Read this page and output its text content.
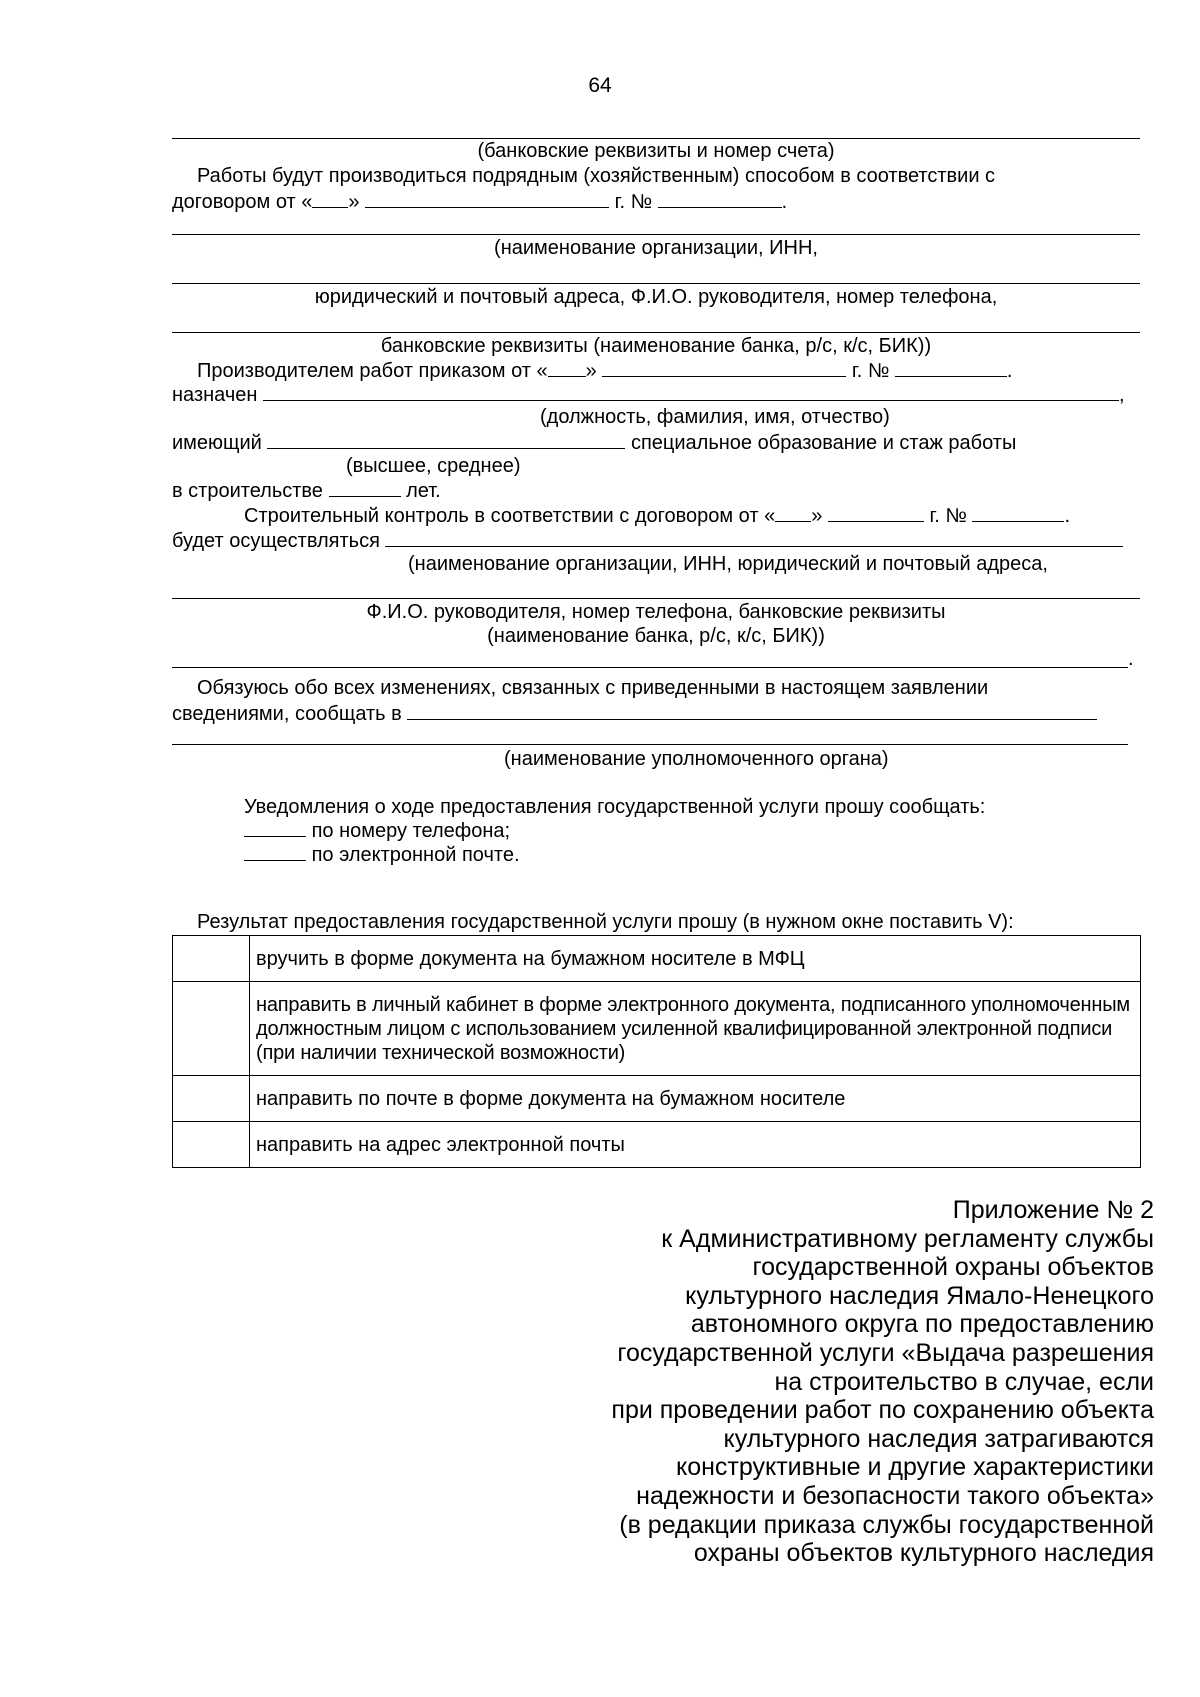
64
(банковские реквизиты и номер счета)
Работы будут производиться подрядным (хозяйственным) способом в соответствии с
договором от « »	г. №	.
(наименование организации, ИНН,
юридический и почтовый адреса, Ф.И.О. руководителя, номер телефона,
банковские реквизиты (наименование банка, р/с, к/с, БИК))
Производителем работ приказом от « »	г. №	.
назначен	,
(должность, фамилия, имя, отчество)
имеющий	специальное образование и стаж работы
(высшее, среднее)
в строительстве	лет.
Строительный контроль в соответствии с договором от « »	г. №	.
будет осуществляться
(наименование организации, ИНН, юридический и почтовый адреса,
Ф.И.О. руководителя, номер телефона, банковские реквизиты
(наименование банка, р/с, к/с, БИК))
.
Обязуюсь обо всех изменениях, связанных с приведенными в настоящем заявлении
сведениями, сообщать в
(наименование уполномоченного органа)
Уведомления о ходе предоставления государственной услуги прошу сообщать:
по номеру телефона;
по электронной почте.
Результат предоставления государственной услуги прошу (в нужном окне поставить V):
	вручить в форме документа на бумажном носителе в МФЦ
	направить в личный кабинет в форме электронного документа, подписанного уполномоченным должностным лицом с использованием усиленной квалифицированной электронной подписи (при наличии технической возможности)
	направить по почте в форме документа на бумажном носителе
	направить на адрес электронной почты
Приложение № 2
к Административному регламенту службы
государственной охраны объектов
культурного наследия Ямало-Ненецкого
автономного округа по предоставлению
государственной услуги «Выдача разрешения
на строительство в случае, если
при проведении работ по сохранению объекта
культурного наследия затрагиваются
конструктивные и другие характеристики
надежности и безопасности такого объекта»
(в редакции приказа службы государственной
охраны объектов культурного наследия
